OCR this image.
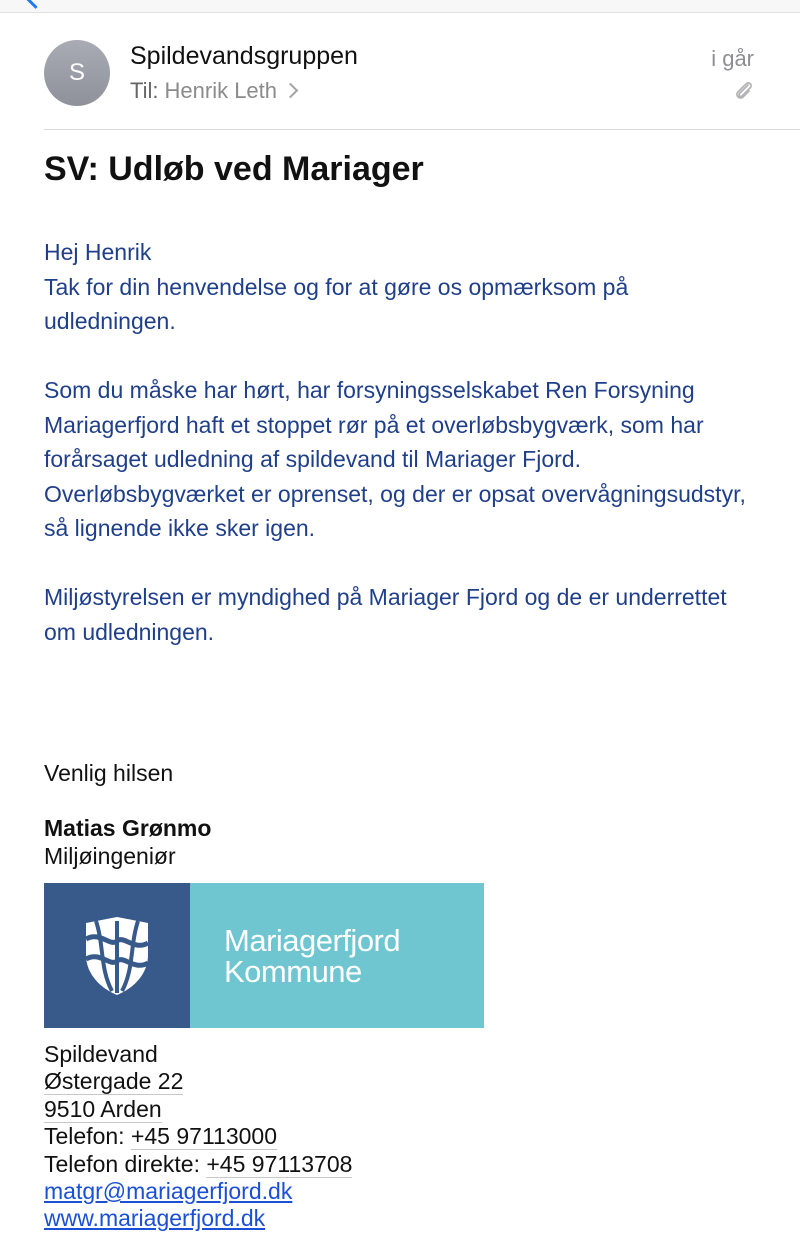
S
Spildevandsgruppen
Til: Henrik Leth
i går
SV: Udløb ved Mariager
Hej Henrik
Tak for din henvendelse og for at gøre os opmærksom på udledningen.

Som du måske har hørt, har forsyningsselskabet Ren Forsyning Mariagerfjord haft et stoppet rør på et overløbsbygværk, som har forårsaget udledning af spildevand til Mariager Fjord.
Overløbsbygværket er oprenset, og der er opsat overvågningsudstyr, så lignende ikke sker igen.

Miljøstyrelsen er myndighed på Mariager Fjord og de er underrettet om udledningen.
Venlig hilsen
Matias Grønmo
Miljøingeniør
Mariagerfjord
Kommune
Spildevand
Østergade 22
9510 Arden
Telefon: +45 97113000
Telefon direkte: +45 97113708
matgr@mariagerfjord.dk
www.mariagerfjord.dk
